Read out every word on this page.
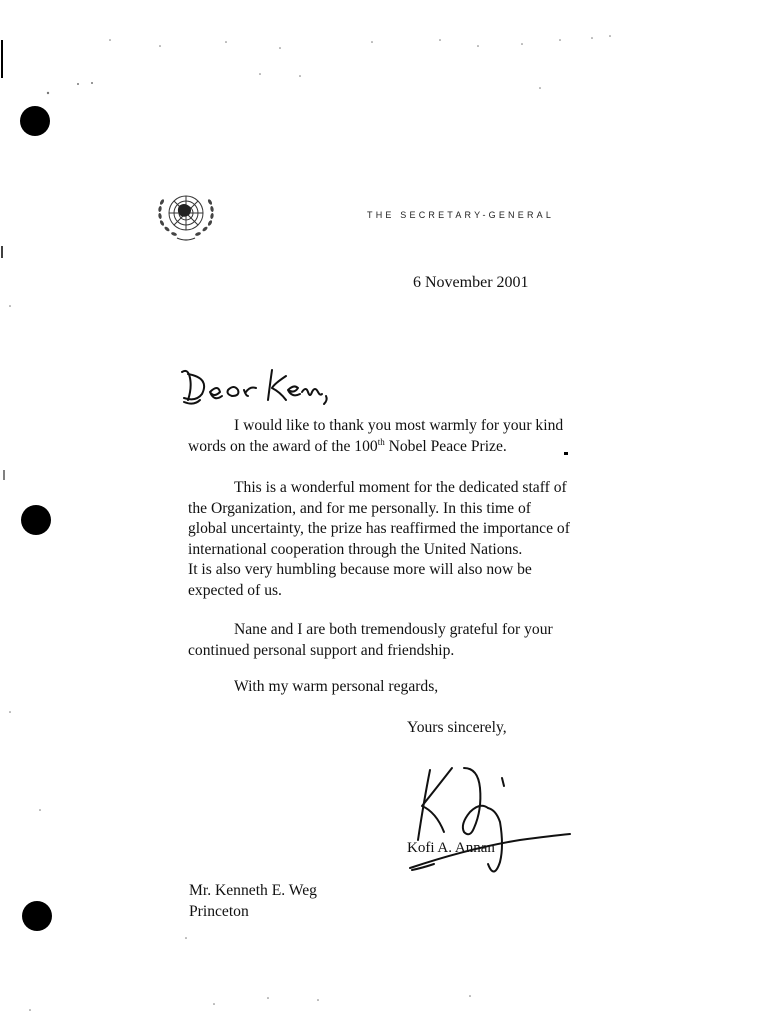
THE SECRETARY-GENERAL
6 November 2001

I would like to thank you most warmly for your kind
words on the award of the 100th Nobel Peace Prize.

This is a wonderful moment for the dedicated staff of
the Organization, and for me personally. In this time of
global uncertainty, the prize has reaffirmed the importance of
international cooperation through the United Nations.
It is also very humbling because more will also now be
expected of us.

Nane and I are both tremendously grateful for your
continued personal support and friendship.

With my warm personal regards,
Yours sincerely,
Kofi A. Annan
Mr. Kenneth E. Weg
Princeton
